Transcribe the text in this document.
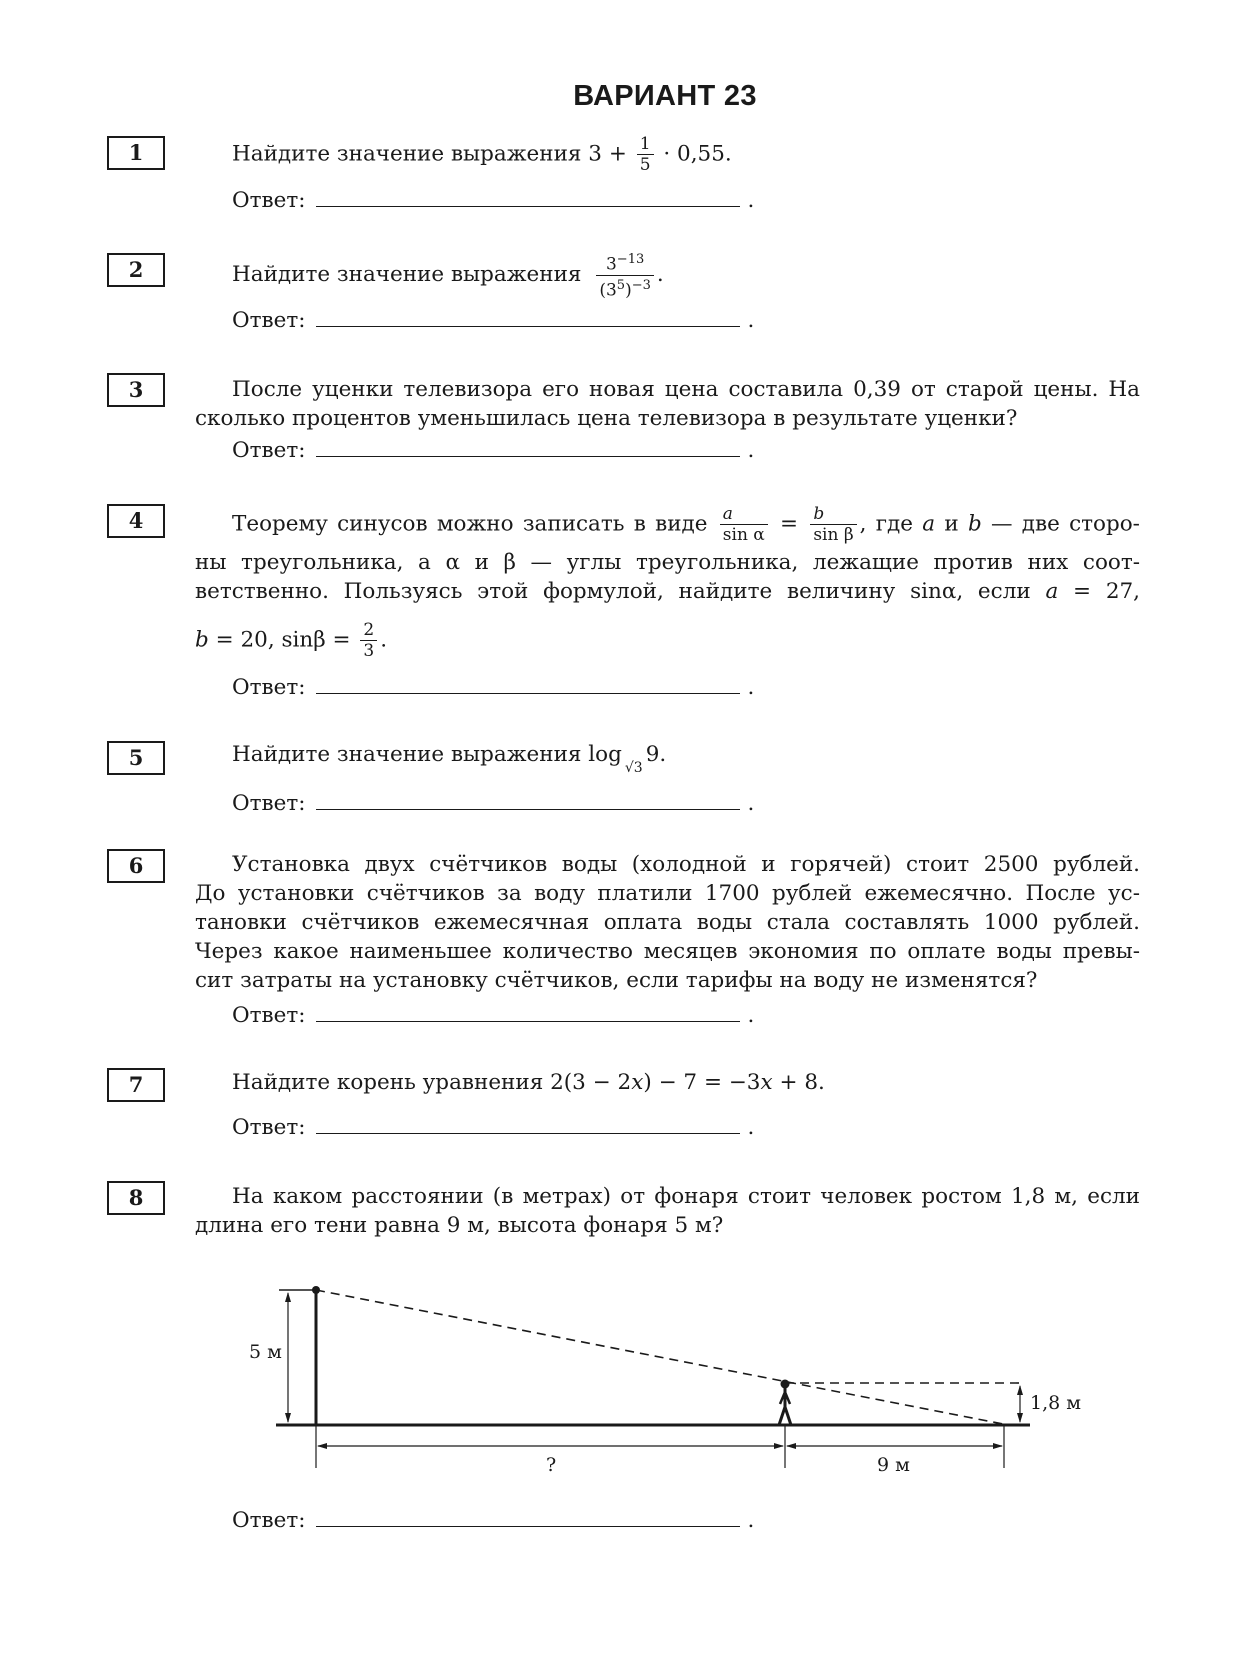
ВАРИАНТ 23
1	Найдите значение выражения $3 + \frac{1}{5} \cdot 0,55$.
Ответ:	.
2	Найдите значение выражения $\frac{3^{-13}}{(3^5)^{-3}}$ .
Ответ:	.
3	После уценки телевизора его новая цена составила 0,39 от старой цены. На
сколько процентов уменьшилась цена телевизора в результате уценки?
Ответ:	.
4	Теорему синусов можно записать в виде $\frac{a}{\text{sin α}} = \frac{b}{\text{sin β}}$ , где a и b — две сторо-
ны треугольника, а α и β — углы треугольника, лежащие против них соот-
ветственно. Пользуясь этой формулой, найдите величину sinα, если a = 27,
b = 20, $\sin\beta = \frac{2}{3}$ .
Ответ:	.
5	Найдите значение выражения $\log_{√3}9$.
Ответ:	.
6	Установка двух счётчиков воды (холодной и горячей) стоит 2500 рублей.
До установки счётчиков за воду платили 1700 рублей ежемесячно. После ус-
тановки счётчиков ежемесячная оплата воды стала составлять 1000 рублей.
Через какое наименьшее количество месяцев экономия по оплате воды превы-
сит затраты на установку счётчиков, если тарифы на воду не изменятся?
Ответ:	.
7	Найдите корень уравнения 2(3 − 2x) − 7 = −3x + 8.
Ответ:	.
8	На каком расстоянии (в метрах) от фонаря стоит человек ростом 1,8 м, если
длина его тени равна 9 м, высота фонаря 5 м?
5 м
1,8 м
?	9 м
Ответ:	.
